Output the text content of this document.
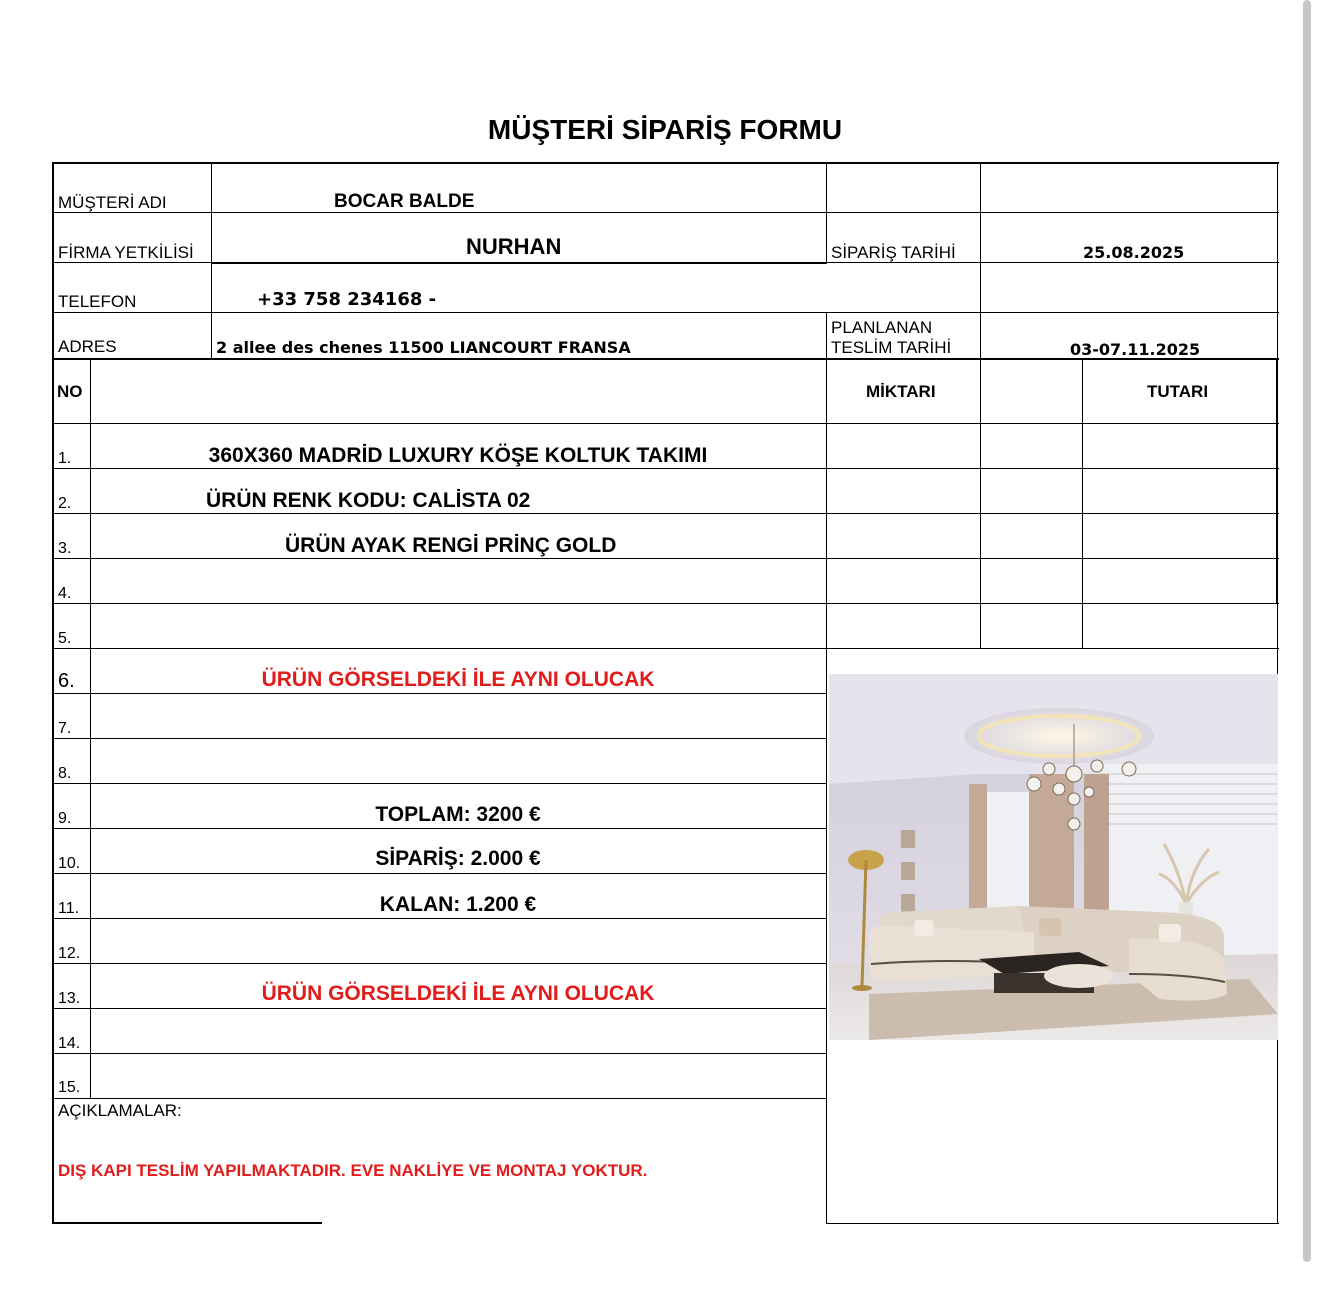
MÜŞTERİ SİPARİŞ FORMU
MÜŞTERİ ADI
FİRMA YETKİLİSİ
TELEFON
ADRES
SİPARİŞ TARİHİ
PLANLANAN
TESLİM TARİHİ
BOCAR BALDE
NURHAN
+33 758 234168 -
2 allee des chenes 11500 LIANCOURT FRANSA
25.08.2025
03-07.11.2025
NO	MİKTARI	TUTARI
1.
2.
3.
4.
5.
6.
7.
8.
9.
10.
11.
12.
13.
14.
15.
360X360 MADRİD LUXURY KÖŞE KOLTUK TAKIMI
ÜRÜN RENK KODU: CALİSTA 02
ÜRÜN AYAK RENGİ PRİNÇ GOLD
ÜRÜN GÖRSELDEKİ İLE AYNI OLUCAK
TOPLAM: 3200 €
SİPARİŞ: 2.000 €
KALAN: 1.200 €
ÜRÜN GÖRSELDEKİ İLE AYNI OLUCAK
AÇIKLAMALAR:
DIŞ KAPI TESLİM YAPILMAKTADIR. EVE NAKLİYE VE MONTAJ YOKTUR.
